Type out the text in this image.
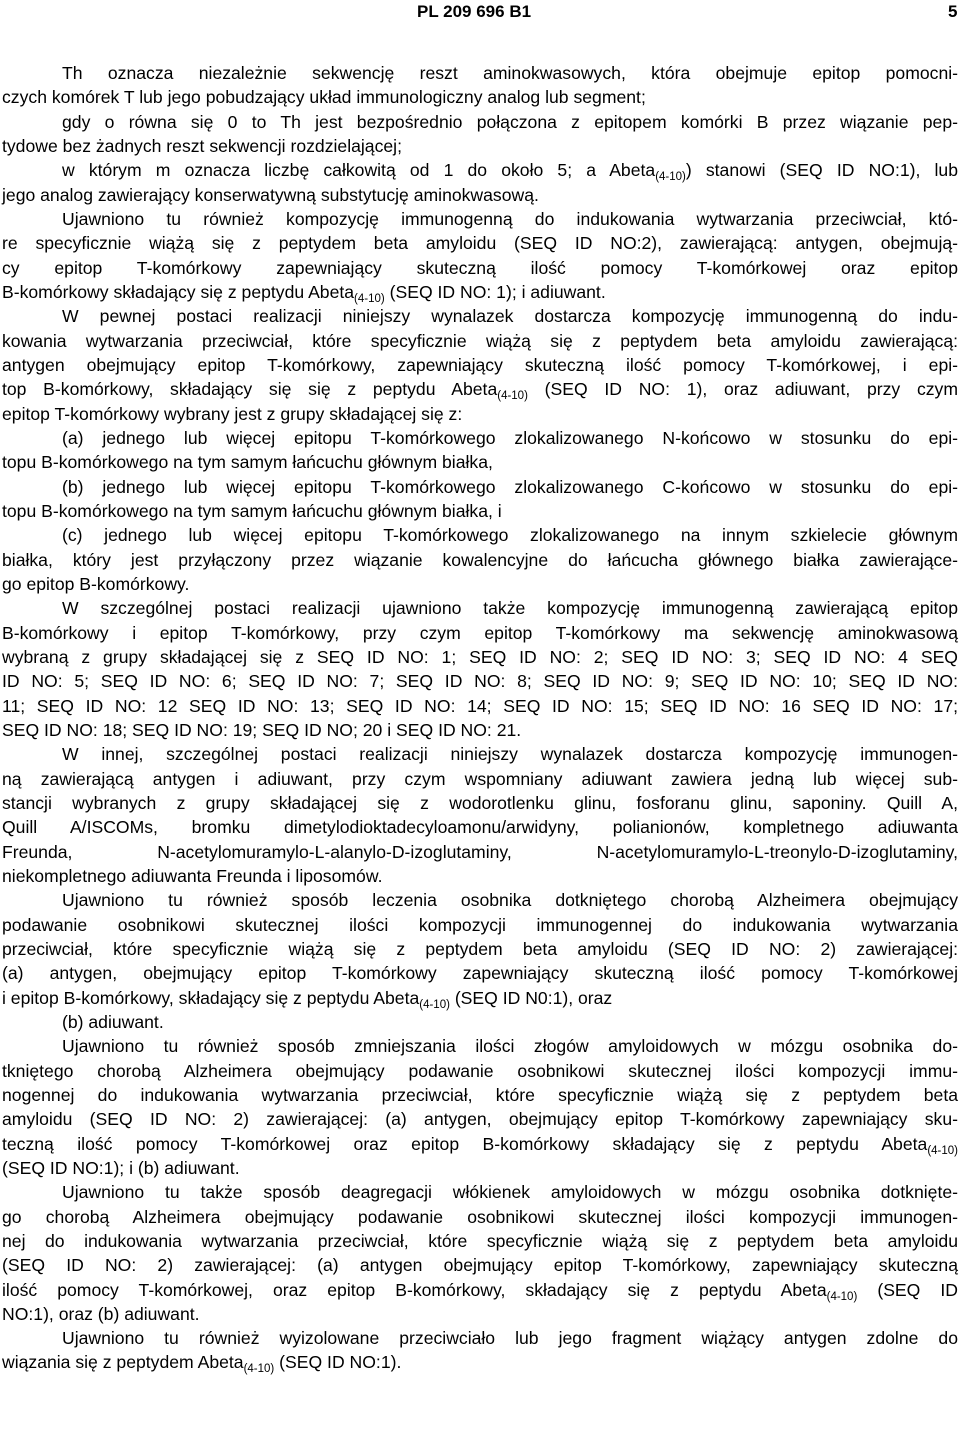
PL 209 696 B1	5
Th oznacza niezależnie sekwencję reszt aminokwasowych, która obejmuje epitop pomocni-
czych komórek T lub jego pobudzający układ immunologiczny analog lub segment;
gdy o równa się 0 to Th jest bezpośrednio połączona z epitopem komórki B przez wiązanie pep-
tydowe bez żadnych reszt sekwencji rozdzielającej;
w którym m oznacza liczbę całkowitą od 1 do około 5; a Abeta$_{(4-10)}$) stanowi (SEQ ID NO:1), lub
jego analog zawierający konserwatywną substytucję aminokwasową.
Ujawniono tu również kompozycję immunogenną do indukowania wytwarzania przeciwciał, któ-
re specyficznie wiążą się z peptydem beta amyloidu (SEQ ID NO:2), zawierającą: antygen, obejmują-
cy epitop T-komórkowy zapewniający skuteczną ilość pomocy T-komórkowej oraz epitop
B-komórkowy składający się z peptydu Abeta$_{(4-10)}$ (SEQ ID NO: 1); i adiuwant.
W pewnej postaci realizacji niniejszy wynalazek dostarcza kompozycję immunogenną do indu-
kowania wytwarzania przeciwciał, które specyficznie wiążą się z peptydem beta amyloidu zawierającą:
antygen obejmujący epitop T-komórkowy, zapewniający skuteczną ilość pomocy T-komórkowej, i epi-
top B-komórkowy, składający się się z peptydu Abeta$_{(4-10)}$ (SEQ ID NO: 1), oraz adiuwant, przy czym
epitop T-komórkowy wybrany jest z grupy składającej się z:
(a) jednego lub więcej epitopu T-komórkowego zlokalizowanego N-końcowo w stosunku do epi-
topu B-komórkowego na tym samym łańcuchu głównym białka,
(b) jednego lub więcej epitopu T-komórkowego zlokalizowanego C-końcowo w stosunku do epi-
topu B-komórkowego na tym samym łańcuchu głównym białka, i
(c) jednego lub więcej epitopu T-komórkowego zlokalizowanego na innym szkielecie głównym
białka, który jest przyłączony przez wiązanie kowalencyjne do łańcucha głównego białka zawierające-
go epitop B-komórkowy.
W szczególnej postaci realizacji ujawniono także kompozycję immunogenną zawierającą epitop
B-komórkowy i epitop T-komórkowy, przy czym epitop T-komórkowy ma sekwencję aminokwasową
wybraną z grupy składającej się z SEQ ID NO: 1; SEQ ID NO: 2; SEQ ID NO: 3; SEQ ID NO: 4 SEQ
ID NO: 5; SEQ ID NO: 6; SEQ ID NO: 7; SEQ ID NO: 8; SEQ ID NO: 9; SEQ ID NO: 10; SEQ ID NO:
11; SEQ ID NO: 12 SEQ ID NO: 13; SEQ ID NO: 14; SEQ ID NO: 15; SEQ ID NO: 16 SEQ ID NO: 17;
SEQ ID NO: 18; SEQ ID NO: 19; SEQ ID NO; 20 i SEQ ID NO: 21.
W innej, szczególnej postaci realizacji niniejszy wynalazek dostarcza kompozycję immunogen-
ną zawierającą antygen i adiuwant, przy czym wspomniany adiuwant zawiera jedną lub więcej sub-
stancji wybranych z grupy składającej się z wodorotlenku glinu, fosforanu glinu, saponiny. Quill A,
Quill A/ISCOMs, bromku dimetylodioktadecyloamonu/arwidyny, polianionów, kompletnego adiuwanta
Freunda, N-acetylomuramylo-L-alanylo-D-izoglutaminy, N-acetylomuramylo-L-treonylo-D-izoglutaminy,
niekompletnego adiuwanta Freunda i liposomów.
Ujawniono tu również sposób leczenia osobnika dotkniętego chorobą Alzheimera obejmujący
podawanie osobnikowi skutecznej ilości kompozycji immunogennej do indukowania wytwarzania
przeciwciał, które specyficznie wiążą się z peptydem beta amyloidu (SEQ ID NO: 2) zawierającej:
(a) antygen, obejmujący epitop T-komórkowy zapewniający skuteczną ilość pomocy T-komórkowej
i epitop B-komórkowy, składający się z peptydu Abeta$_{(4-10)}$ (SEQ ID N0:1), oraz
(b) adiuwant.
Ujawniono tu również sposób zmniejszania ilości złogów amyloidowych w mózgu osobnika do-
tkniętego chorobą Alzheimera obejmujący podawanie osobnikowi skutecznej ilości kompozycji immu-
nogennej do indukowania wytwarzania przeciwciał, które specyficznie wiążą się z peptydem beta
amyloidu (SEQ ID NO: 2) zawierającej: (a) antygen, obejmujący epitop T-komórkowy zapewniający sku-
teczną ilość pomocy T-komórkowej oraz epitop B-komórkowy składający się z peptydu Abeta$_{(4-10)}$
(SEQ ID NO:1); i (b) adiuwant.
Ujawniono tu także sposób deagregacji włókienek amyloidowych w mózgu osobnika dotknięte-
go chorobą Alzheimera obejmujący podawanie osobnikowi skutecznej ilości kompozycji immunogen-
nej do indukowania wytwarzania przeciwciał, które specyficznie wiążą się z peptydem beta amyloidu
(SEQ ID NO: 2) zawierającej: (a) antygen obejmujący epitop T-komórkowy, zapewniający skuteczną
ilość pomocy T-komórkowej, oraz epitop B-komórkowy, składający się z peptydu Abeta$_{(4-10)}$ (SEQ ID
NO:1), oraz (b) adiuwant.
Ujawniono tu również wyizolowane przeciwciało lub jego fragment wiążący antygen zdolne do
wiązania się z peptydem Abeta$_{(4-10)}$ (SEQ ID NO:1).
